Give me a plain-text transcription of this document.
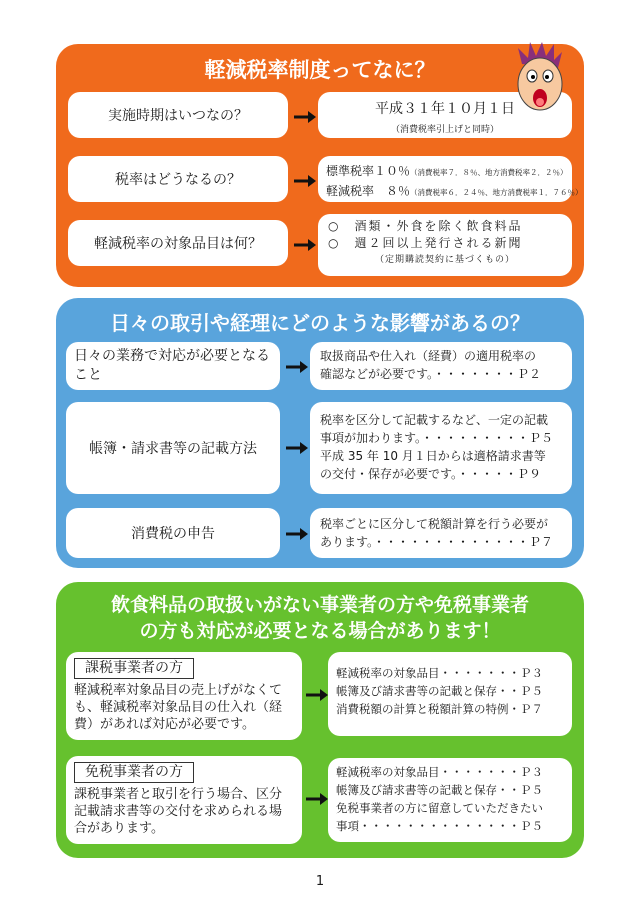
軽減税率制度ってなに？
実施時期はいつなの？	平成３１年１０月１日
（消費税率引上げと同時）
税率はどうなるの？
標準税率１０％（消費税率７．８％、地方消費税率２．２％）
軽減税率　８％（消費税率６．２４％、地方消費税率１．７６％）
軽減税率の対象品目は何？
○　酒類・外食を除く飲食料品
○　週２回以上発行される新聞
（定期購読契約に基づくもの）
日々の取引や経理にどのような影響があるの？
日々の業務で対応が必要となること
取扱商品や仕入れ（経費）の適用税率の
確認などが必要です。・・・・・・・Ｐ２
帳簿・請求書等の記載方法
税率を区分して記載するなど、一定の記載
事項が加わります。・・・・・・・・・Ｐ５
平成 35 年 10 月１日からは適格請求書等
の交付・保存が必要です。・・・・・Ｐ９
消費税の申告
税率ごとに区分して税額計算を行う必要が
あります。・・・・・・・・・・・・・Ｐ７
飲食料品の取扱いがない事業者の方や免税事業者
の方も対応が必要となる場合があります！
課税事業者の方
軽減税率対象品目の売上げがなくて
も、軽減税率対象品目の仕入れ（経
費）があれば対応が必要です。
軽減税率の対象品目・・・・・・・Ｐ３
帳簿及び請求書等の記載と保存・・Ｐ５
消費税額の計算と税額計算の特例・Ｐ７
免税事業者の方
課税事業者と取引を行う場合、区分
記載請求書等の交付を求められる場
合があります。
軽減税率の対象品目・・・・・・・Ｐ３
帳簿及び請求書等の記載と保存・・Ｐ５
免税事業者の方に留意していただきたい
事項・・・・・・・・・・・・・・Ｐ５
1
